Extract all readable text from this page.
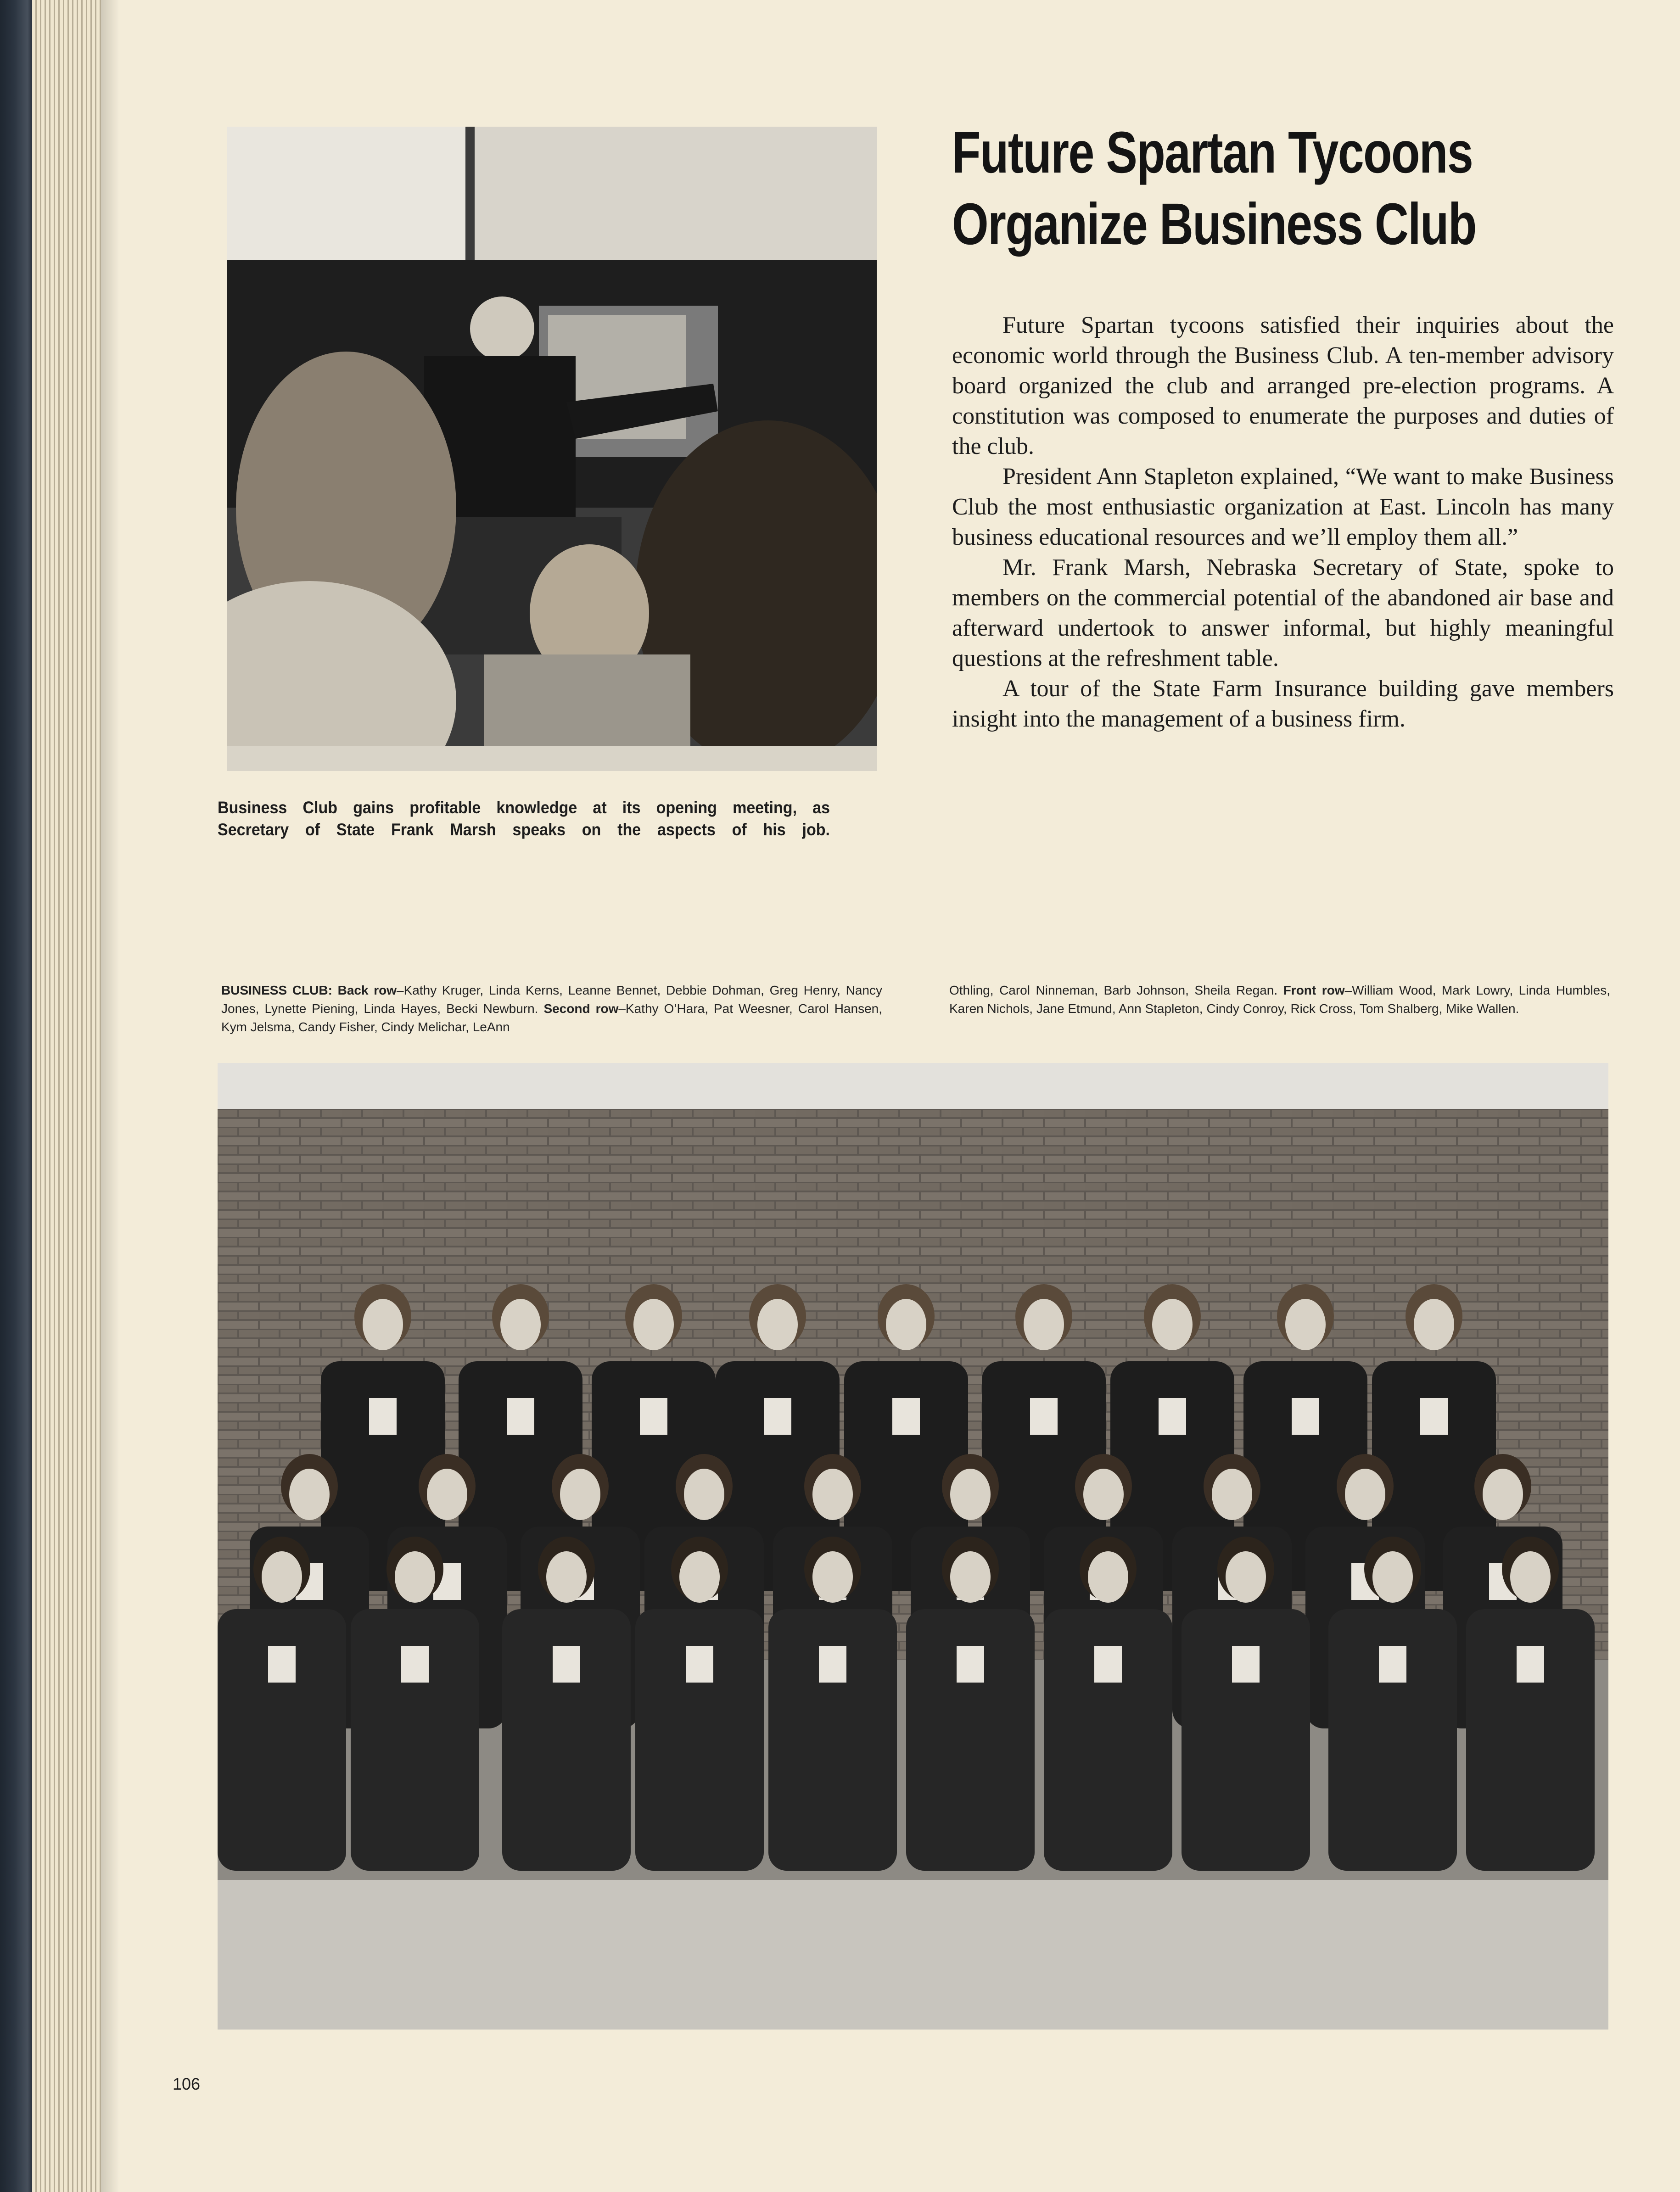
Business Club gains profitable knowledge at its opening meeting, as
Secretary of State Frank Marsh speaks on the aspects of his job.
Future Spartan Tycoons
Organize Business Club

Future Spartan tycoons satisfied their inquiries about the economic world through the Business Club. A ten-member advisory board organized the club and arranged pre-election programs. A constitution was composed to enumerate the purposes and duties of the club.

President Ann Stapleton explained, “We want to make Business Club the most enthusiastic organization at East. Lincoln has many business educational resources and we’ll employ them all.”

Mr. Frank Marsh, Nebraska Secretary of State, spoke to members on the commercial potential of the abandoned air base and afterward undertook to answer informal, but highly meaningful questions at the refreshment table.

A tour of the State Farm Insurance building gave members insight into the management of a business firm.

BUSINESS CLUB: Back row–Kathy Kruger, Linda Kerns, Leanne Bennet, Debbie Dohman, Greg Henry, Nancy Jones, Lynette Piening, Linda Hayes, Becki Newburn. Second row–Kathy O’Hara, Pat Weesner, Carol Hansen, Kym Jelsma, Candy Fisher, Cindy Melichar, LeAnn
Othling, Carol Ninneman, Barb Johnson, Sheila Regan. Front row–William Wood, Mark Lowry, Linda Humbles, Karen Nichols, Jane Etmund, Ann Stapleton, Cindy Conroy, Rick Cross, Tom Shalberg, Mike Wallen.
106
